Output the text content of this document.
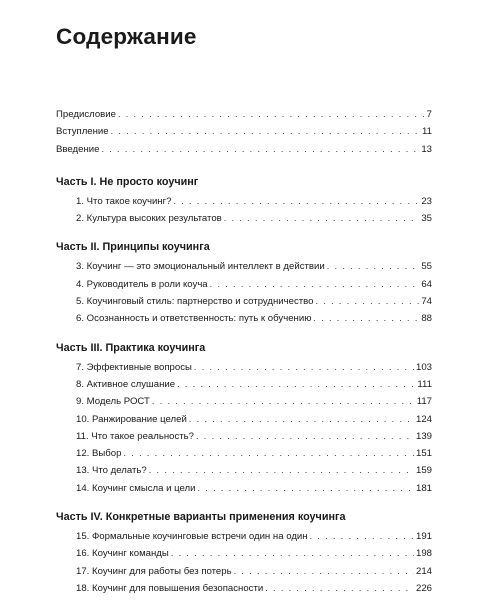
Содержание
Предисловие . . .	7
Вступление . . .	11
Введение . . .	13
Часть I. Не просто коучинг
1. Что такое коучинг? . . .	23
2. Культура высоких результатов . . .	35
Часть II. Принципы коучинга
3. Коучинг — это эмоциональный интеллект в действии . . .	55
4. Руководитель в роли коуча . . .	64
5. Коучинговый стиль: партнерство и сотрудничество . . .	74
6. Осознанность и ответственность: путь к обучению . . .	88
Часть III. Практика коучинга
7. Эффективные вопросы . . .	103
8. Активное слушание . . .	111
9. Модель РОСТ . . .	117
10. Ранжирование целей . . .	124
11. Что такое реальность? . . .	139
12. Выбор . . .	151
13. Что делать? . . .	159
14. Коучинг смысла и цели . . .	181
Часть IV. Конкретные варианты применения коучинга
15. Формальные коучинговые встречи один на один . . .	191
16. Коучинг команды . . .	198
17. Коучинг для работы без потерь . . .	214
18. Коучинг для повышения безопасности . . .	226
